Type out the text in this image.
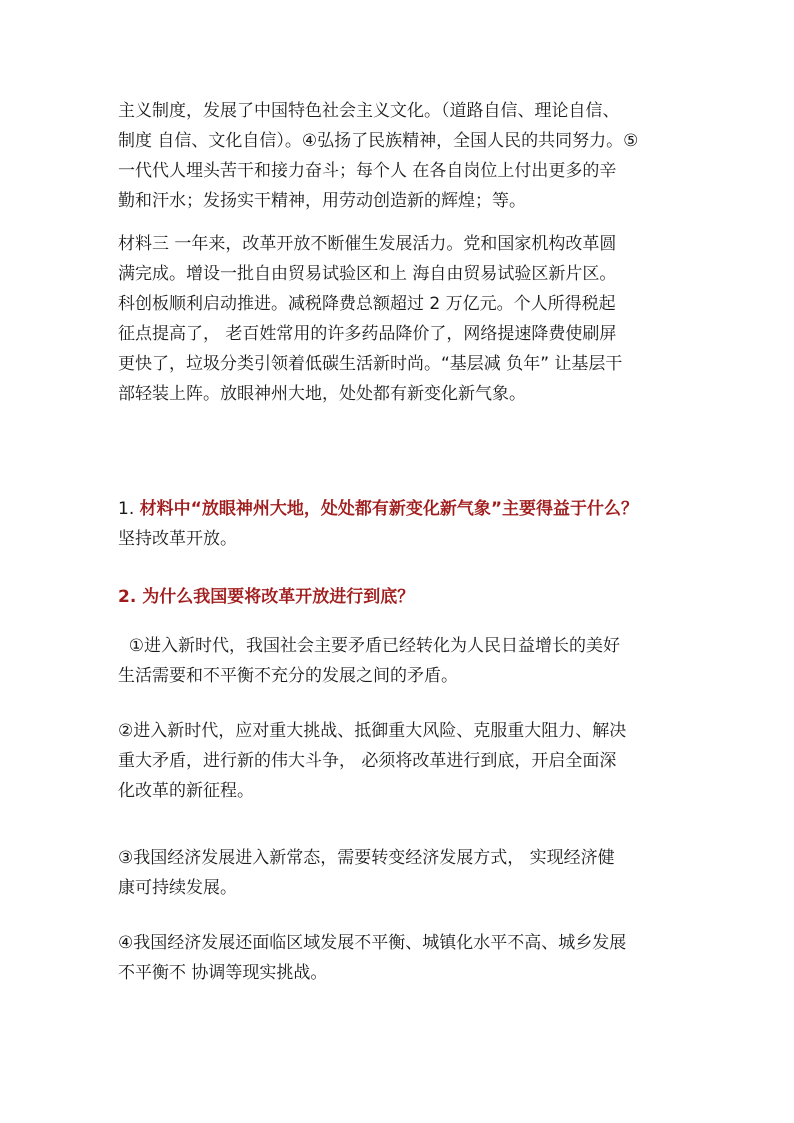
主义制度，发展了中国特色社会主义文化。（道路自信、理论自信、
制度 自信、文化自信）。④弘扬了民族精神，全国人民的共同努力。⑤
一代代人埋头苦干和接力奋斗；每个人 在各自岗位上付出更多的辛
勤和汗水；发扬实干精神，用劳动创造新的辉煌；等。
材料三 一年来，改革开放不断催生发展活力。党和国家机构改革圆
满完成。增设一批自由贸易试验区和上 海自由贸易试验区新片区。
科创板顺利启动推进。减税降费总额超过 2 万亿元。个人所得税起
征点提高了， 老百姓常用的许多药品降价了，网络提速降费使刷屏
更快了，垃圾分类引领着低碳生活新时尚。“基层减 负年” 让基层干
部轻装上阵。放眼神州大地，处处都有新变化新气象。
1. 材料中“放眼神州大地，处处都有新变化新气象”主要得益于什么？
坚持改革开放。
2. 为什么我国要将改革开放进行到底？
①进入新时代，我国社会主要矛盾已经转化为人民日益增长的美好
生活需要和不平衡不充分的发展之间的矛盾。
②进入新时代，应对重大挑战、抵御重大风险、克服重大阻力、解决
重大矛盾，进行新的伟大斗争， 必须将改革进行到底，开启全面深
化改革的新征程。
③我国经济发展进入新常态，需要转变经济发展方式， 实现经济健
康可持续发展。
④我国经济发展还面临区域发展不平衡、城镇化水平不高、城乡发展
不平衡不 协调等现实挑战。
